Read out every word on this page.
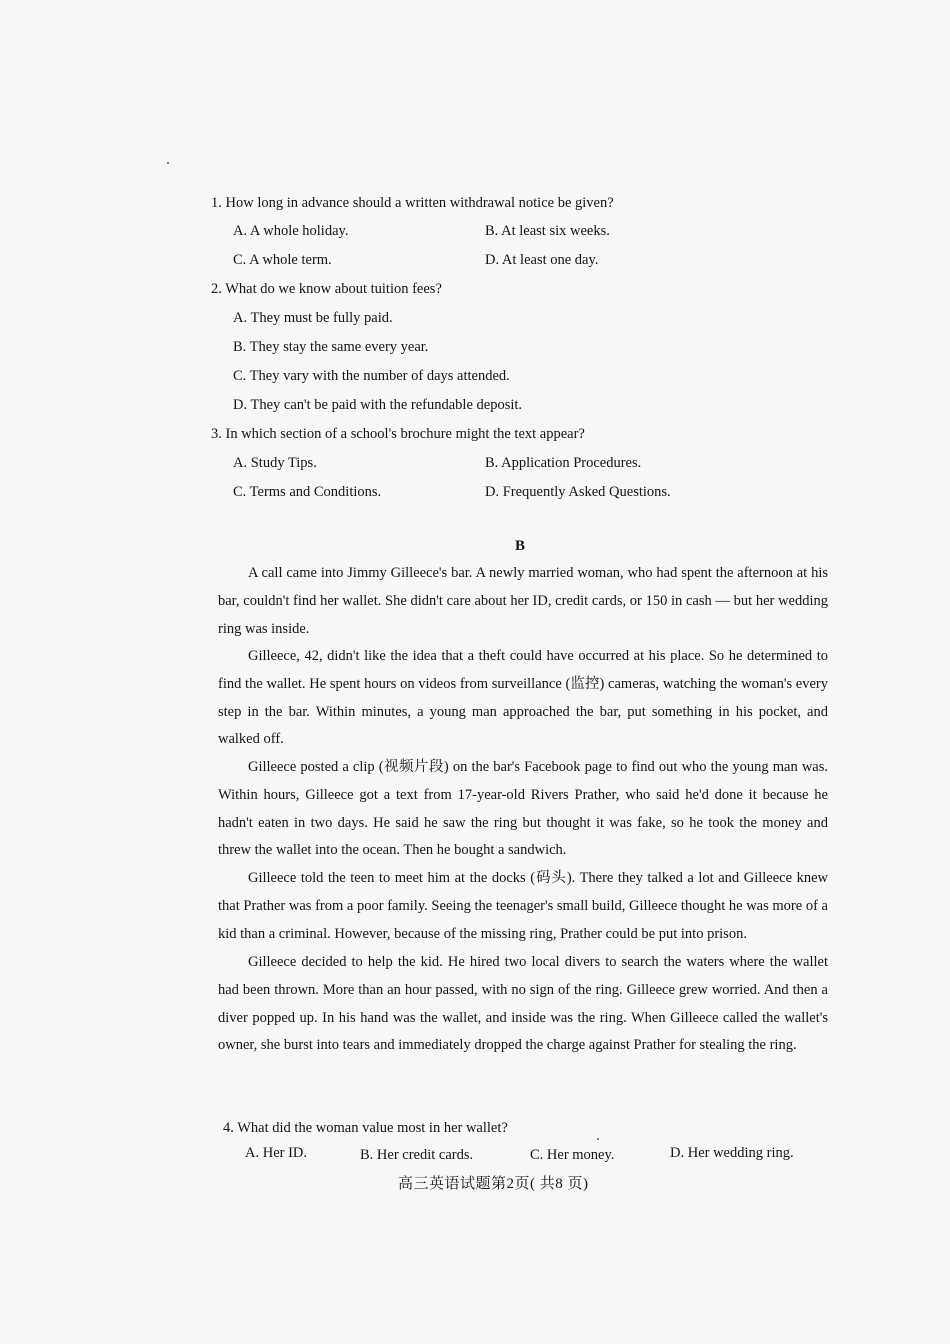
1. How long in advance should a written withdrawal notice be given?
A. A whole holiday.	B. At least six weeks.
C. A whole term.	D. At least one day.
2. What do we know about tuition fees?
A. They must be fully paid.
B. They stay the same every year.
C. They vary with the number of days attended.
D. They can't be paid with the refundable deposit.
3. In which section of a school's brochure might the text appear?
A. Study Tips.	B. Application Procedures.
C. Terms and Conditions.	D. Frequently Asked Questions.
B

A call came into Jimmy Gilleece's bar. A newly married woman, who had spent the afternoon at his bar, couldn't find her wallet. She didn't care about her ID, credit cards, or 150 in cash — but her wedding ring was inside.

Gilleece, 42, didn't like the idea that a theft could have occurred at his place. So he determined to find the wallet. He spent hours on videos from surveillance (监控) cameras, watching the woman's every step in the bar. Within minutes, a young man approached the bar, put something in his pocket, and walked off.

Gilleece posted a clip (视频片段) on the bar's Facebook page to find out who the young man was. Within hours, Gilleece got a text from 17-year-old Rivers Prather, who said he'd done it because he hadn't eaten in two days. He said he saw the ring but thought it was fake, so he took the money and threw the wallet into the ocean. Then he bought a sandwich.

Gilleece told the teen to meet him at the docks (码头). There they talked a lot and Gilleece knew that Prather was from a poor family. Seeing the teenager's small build, Gilleece thought he was more of a kid than a criminal. However, because of the missing ring, Prather could be put into prison.

Gilleece decided to help the kid. He hired two local divers to search the waters where the wallet had been thrown. More than an hour passed, with no sign of the ring. Gilleece grew worried. And then a diver popped up. In his hand was the wallet, and inside was the ring. When Gilleece called the wallet's owner, she burst into tears and immediately dropped the charge against Prather for stealing the ring.

4. What did the woman value most in her wallet?
A. Her ID.	B. Her credit cards.	C. Her money.	D. Her wedding ring.
高三英语试题第2页( 共8 页)
